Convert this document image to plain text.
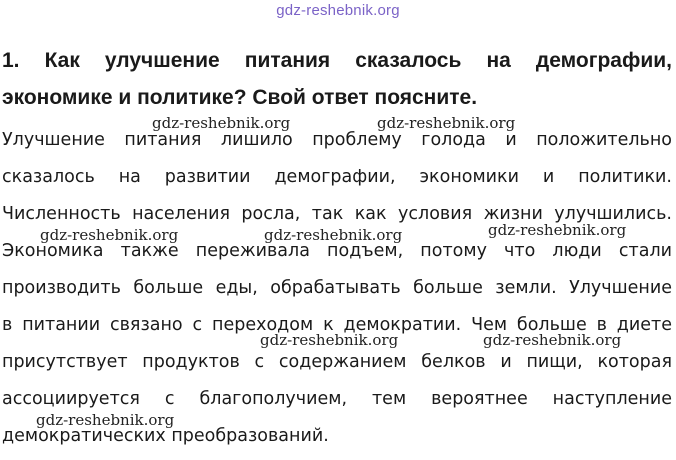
gdz-reshebnik.org
1. Как улучшение питания сказалось на демографии, экономике и политике? Свой ответ поясните.
Улучшение питания лишило проблему голода и положительно
сказалось на развитии демографии, экономики и политики.
Численность населения росла, так как условия жизни улучшились.
Экономика также переживала подъем, потому что люди стали
производить больше еды, обрабатывать больше земли. Улучшение
в питании связано с переходом к демократии. Чем больше в диете
присутствует продуктов с содержанием белков и пищи, которая
ассоциируется с благополучием, тем вероятнее наступление
демократических преобразований.
gdz-reshebnik.org	gdz-reshebnik.org
gdz-reshebnik.org	gdz-reshebnik.org	gdz-reshebnik.org
gdz-reshebnik.org	gdz-reshebnik.org
gdz-reshebnik.org
